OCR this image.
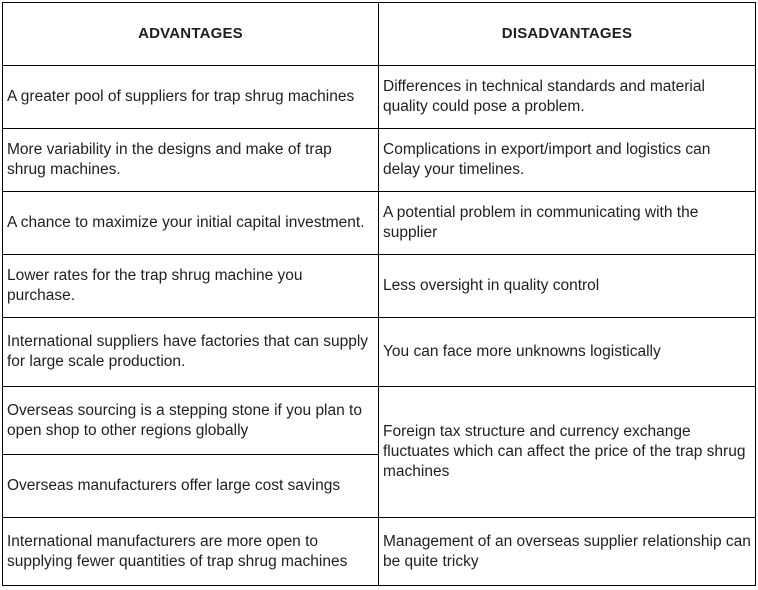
ADVANTAGES	DISADVANTAGES
A greater pool of suppliers for trap shrug machines	Differences in technical standards and material quality could pose a problem.
More variability in the designs and make of trap shrug machines.	Complications in export/import and logistics can delay your timelines.
A chance to maximize your initial capital investment.	A potential problem in communicating with the supplier
Lower rates for the trap shrug machine you purchase.	Less oversight in quality control
International suppliers have factories that can supply for large scale production.	You can face more unknowns logistically
Overseas sourcing is a stepping stone if you plan to open shop to other regions globally	Foreign tax structure and currency exchange fluctuates which can affect the price of the trap shrug machines
Overseas manufacturers offer large cost savings	
International manufacturers are more open to supplying fewer quantities of trap shrug machines	Management of an overseas supplier relationship can be quite tricky
